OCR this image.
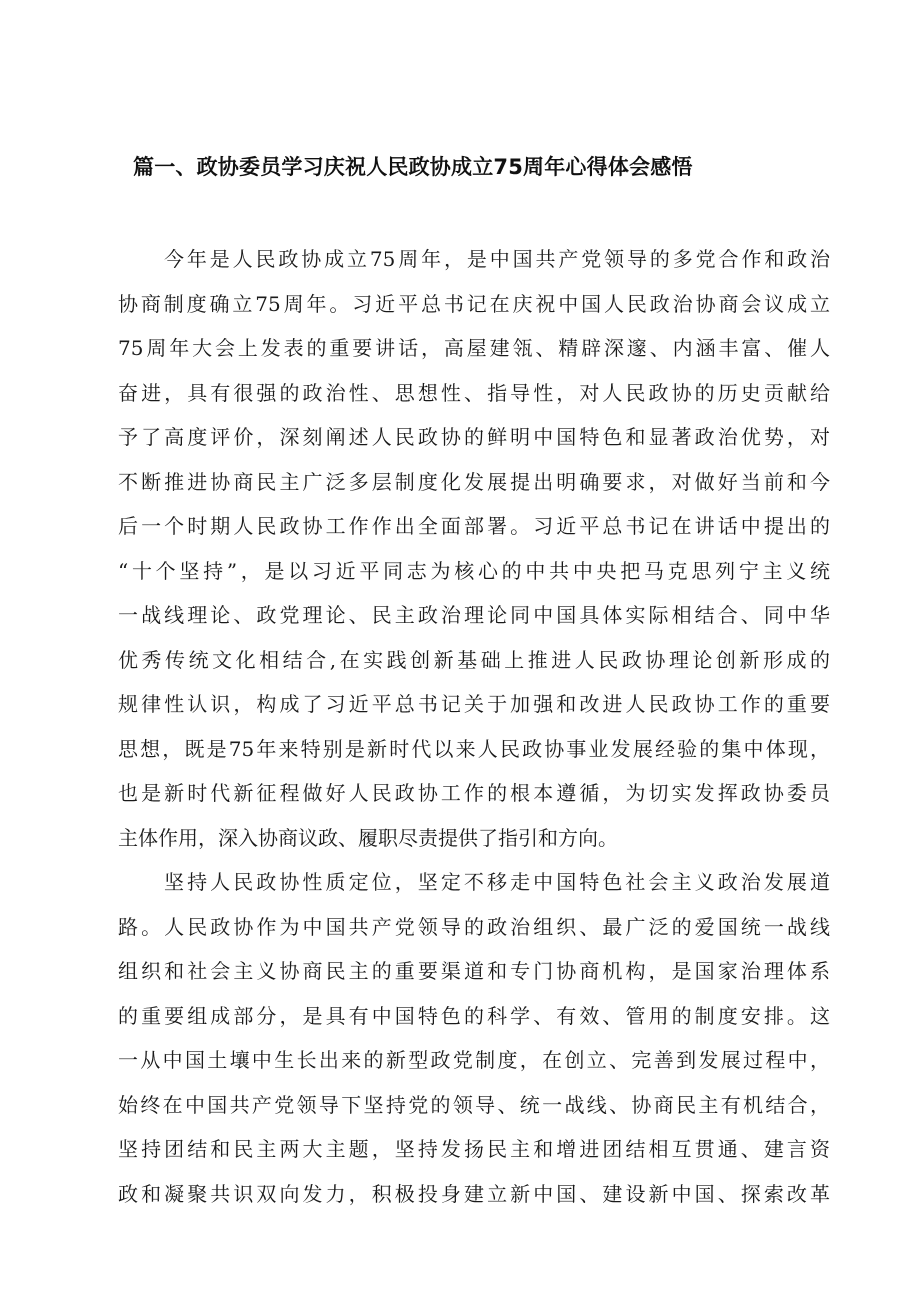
篇一、政协委员学习庆祝人民政协成立75周年心得体会感悟
今年是人民政协成立75周年，是中国共产党领导的多党合作和政治
协商制度确立75周年。习近平总书记在庆祝中国人民政治协商会议成立
75周年大会上发表的重要讲话，高屋建瓴、精辟深邃、内涵丰富、催人
奋进，具有很强的政治性、思想性、指导性，对人民政协的历史贡献给
予了高度评价，深刻阐述人民政协的鲜明中国特色和显著政治优势，对
不断推进协商民主广泛多层制度化发展提出明确要求，对做好当前和今
后一个时期人民政协工作作出全面部署。习近平总书记在讲话中提出的
“十个坚持”，是以习近平同志为核心的中共中央把马克思列宁主义统
一战线理论、政党理论、民主政治理论同中国具体实际相结合、同中华
优秀传统文化相结合,在实践创新基础上推进人民政协理论创新形成的
规律性认识，构成了习近平总书记关于加强和改进人民政协工作的重要
思想，既是75年来特别是新时代以来人民政协事业发展经验的集中体现，
也是新时代新征程做好人民政协工作的根本遵循，为切实发挥政协委员
主体作用，深入协商议政、履职尽责提供了指引和方向。
坚持人民政协性质定位，坚定不移走中国特色社会主义政治发展道
路。人民政协作为中国共产党领导的政治组织、最广泛的爱国统一战线
组织和社会主义协商民主的重要渠道和专门协商机构，是国家治理体系
的重要组成部分，是具有中国特色的科学、有效、管用的制度安排。这
一从中国土壤中生长出来的新型政党制度，在创立、完善到发展过程中，
始终在中国共产党领导下坚持党的领导、统一战线、协商民主有机结合，
坚持团结和民主两大主题，坚持发扬民主和增进团结相互贯通、建言资
政和凝聚共识双向发力，积极投身建立新中国、建设新中国、探索改革
